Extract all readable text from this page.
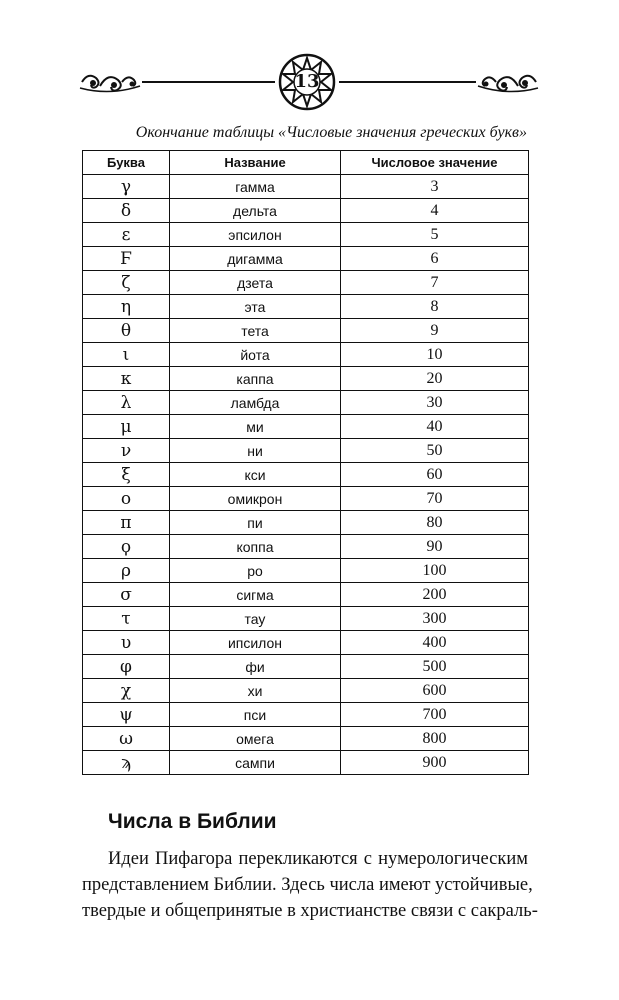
13
Окончание таблицы «Числовые значения греческих букв»
Буква	Название	Числовое значение
γ	гамма	3
δ	дельта	4
ε	эпсилон	5
Ϝ	дигамма	6
ζ	дзета	7
η	эта	8
θ	тета	9
ι	йота	10
κ	каппа	20
λ	ламбда	30
μ	ми	40
ν	ни	50
ξ	кси	60
ο	омикрон	70
π	пи	80
ϙ	коппа	90
ρ	ро	100
σ	сигма	200
τ	тау	300
υ	ипсилон	400
φ	фи	500
χ	хи	600
ψ	пси	700
ω	омега	800
ϡ	сампи	900
Числа в Библии
Идеи Пифагора перекликаются с нумерологическим
представлением Библии. Здесь числа имеют устойчивые,
твердые и общепринятые в христианстве связи с сакраль-
